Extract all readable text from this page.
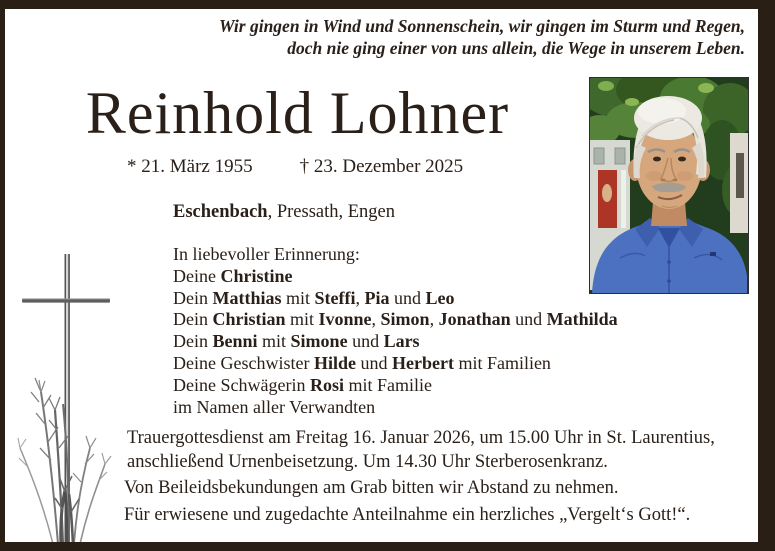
Wir gingen in Wind und Sonnenschein, wir gingen im Sturm und Regen,
doch nie ging einer von uns allein, die Wege in unserem Leben.
Reinhold Lohner
* 21. März 1955 † 23. Dezember 2025
Eschenbach, Pressath, Engen
In liebevoller Erinnerung:
Deine Christine
Dein Matthias mit Steffi, Pia und Leo
Dein Christian mit Ivonne, Simon, Jonathan und Mathilda
Dein Benni mit Simone und Lars
Deine Geschwister Hilde und Herbert mit Familien
Deine Schwägerin Rosi mit Familie
im Namen aller Verwandten
Trauergottesdienst am Freitag 16. Januar 2026, um 15.00 Uhr in St. Laurentius,
anschließend Urnenbeisetzung. Um 14.30 Uhr Sterberosenkranz.
Von Beileidsbekundungen am Grab bitten wir Abstand zu nehmen.
Für erwiesene und zugedachte Anteilnahme ein herzliches „Vergelt‘s Gott!“.
